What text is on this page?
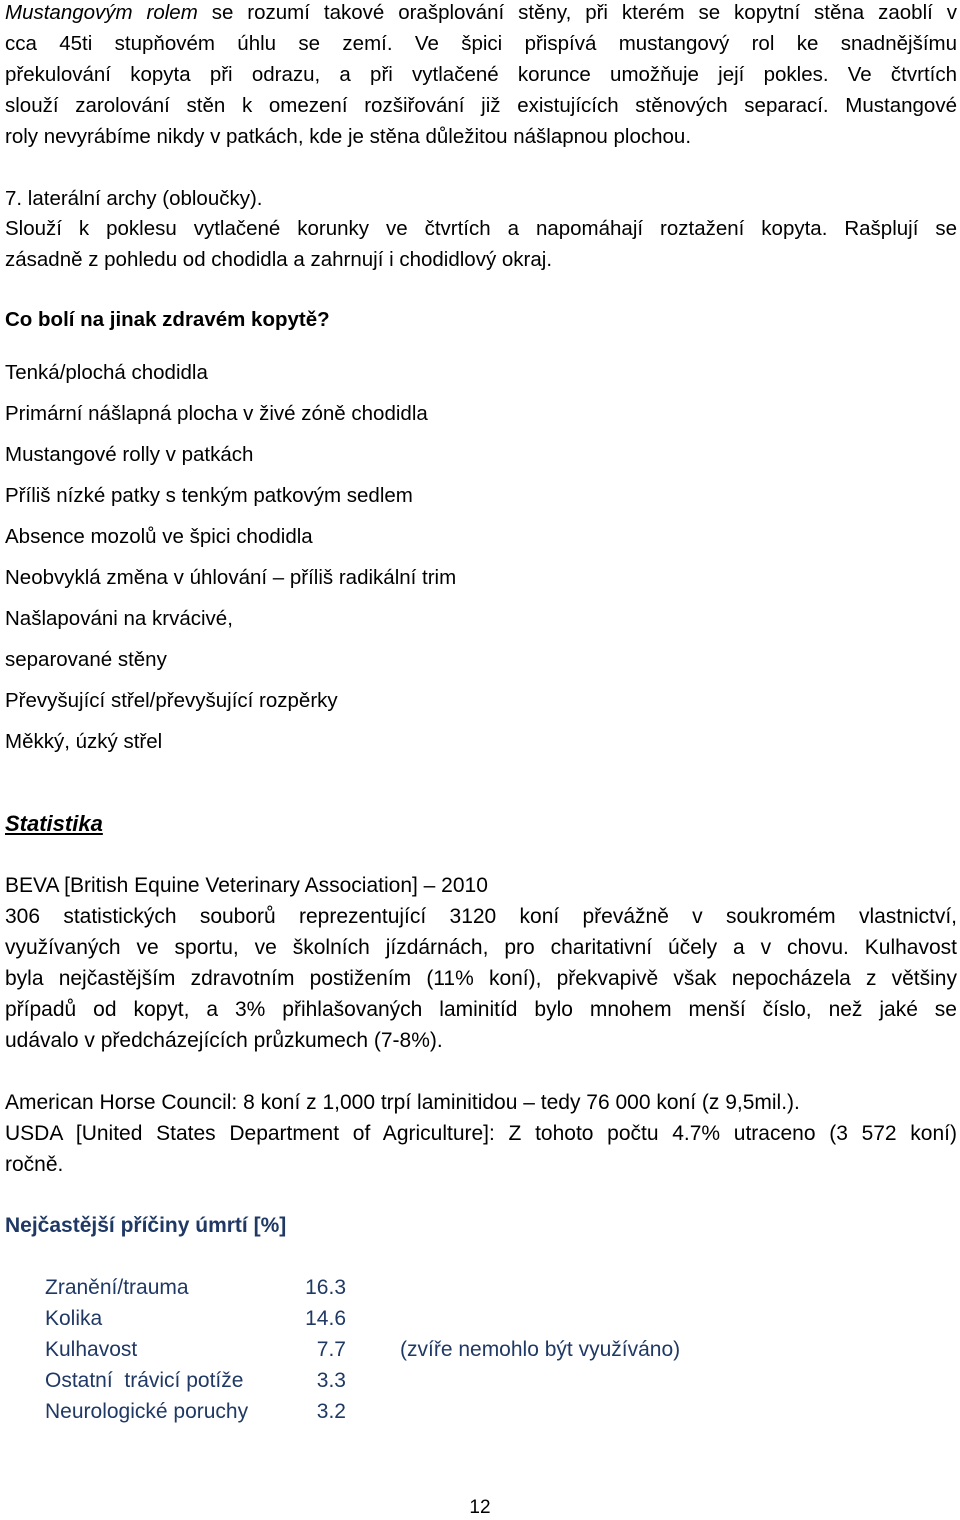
Mustangovým rolem se rozumí takové orašplování stěny, při kterém se kopytní stěna zaoblí v
cca 45ti stupňovém úhlu se zemí. Ve špici přispívá mustangový rol ke snadnějšímu
překulování kopyta při odrazu, a při vytlačené korunce umožňuje její pokles. Ve čtvrtích
slouží zarolování stěn k omezení rozšiřování již existujících stěnových separací. Mustangové
roly nevyrábíme nikdy v patkách, kde je stěna důležitou nášlapnou plochou.
7. laterální archy (obloučky).
Slouží k poklesu vytlačené korunky ve čtvrtích a napomáhají roztažení kopyta. Rašplují se
zásadně z pohledu od chodidla a zahrnují i chodidlový okraj.
Co bolí na jinak zdravém kopytě?
Tenká/plochá chodidla
Primární nášlapná plocha v živé zóně chodidla
Mustangové rolly v patkách
Příliš nízké patky s tenkým patkovým sedlem
Absence mozolů ve špici chodidla
Neobvyklá změna v úhlování – příliš radikální trim
Našlapováni na krvácivé,
separované stěny
Převyšující střel/převyšující rozpěrky
Měkký, úzký střel
Statistika
BEVA [British Equine Veterinary Association] – 2010
306 statistických souborů reprezentující 3120 koní převážně v soukromém vlastnictví,
využívaných ve sportu, ve školních jízdárnách, pro charitativní účely a v chovu. Kulhavost
byla nejčastějším zdravotním postižením (11% koní), překvapivě však nepocházela z většiny
případů od kopyt, a 3% přihlašovaných laminitíd bylo mnohem menší číslo, než jaké se
udávalo v předcházejících průzkumech (7-8%).
American Horse Council: 8 koní z 1,000 trpí laminitidou – tedy 76 000 koní (z 9,5mil.).
USDA [United States Department of Agriculture]: Z tohoto počtu 4.7% utraceno (3 572 koní)
ročně.
Nejčastější příčiny úmrtí [%]
Zranění/trauma	16.3
Kolika	14.6
Kulhavost	7.7	(zvíře nemohlo být využíváno)
Ostatní  trávicí potíže	3.3
Neurologické poruchy	3.2
12
